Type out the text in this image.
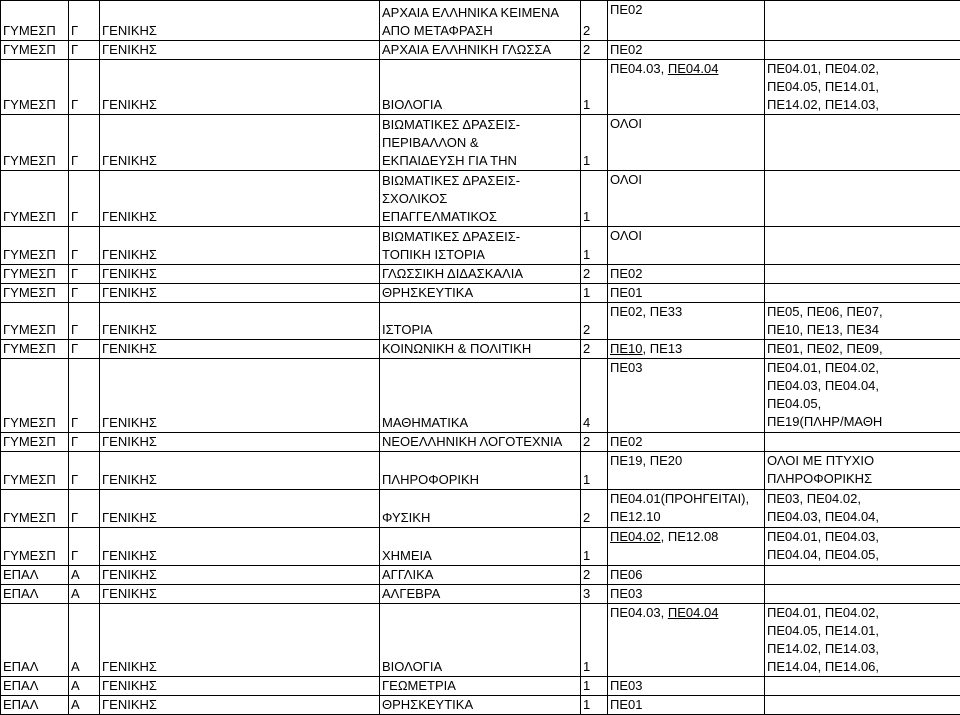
ΓΥΜΕΣΠ	Γ	ΓΕΝΙΚΗΣ	ΑΡΧΑΙΑ ΕΛΛΗΝΙΚΑ ΚΕΙΜΕΝΑ
ΑΠΟ ΜΕΤΑΦΡΑΣΗ	2	ΠΕ02	

ΓΥΜΕΣΠ	Γ	ΓΕΝΙΚΗΣ	ΑΡΧΑΙΑ ΕΛΛΗΝΙΚΗ ΓΛΩΣΣΑ	2	ΠΕ02	

ΓΥΜΕΣΠ	Γ	ΓΕΝΙΚΗΣ	ΒΙΟΛΟΓΙΑ	1	ΠΕ04.03, ΠΕ04.04	ΠΕ04.01, ΠΕ04.02,
ΠΕ04.05, ΠΕ14.01,
ΠΕ14.02, ΠΕ14.03,

ΓΥΜΕΣΠ	Γ	ΓΕΝΙΚΗΣ	ΒΙΩΜΑΤΙΚΕΣ ΔΡΑΣΕΙΣ-
ΠΕΡΙΒΑΛΛΟΝ &
ΕΚΠΑΙΔΕΥΣΗ ΓΙΑ ΤΗΝ	1	ΟΛΟΙ	

ΓΥΜΕΣΠ	Γ	ΓΕΝΙΚΗΣ	ΒΙΩΜΑΤΙΚΕΣ ΔΡΑΣΕΙΣ-
ΣΧΟΛΙΚΟΣ
ΕΠΑΓΓΕΛΜΑΤΙΚΟΣ	1	ΟΛΟΙ	

ΓΥΜΕΣΠ	Γ	ΓΕΝΙΚΗΣ	ΒΙΩΜΑΤΙΚΕΣ ΔΡΑΣΕΙΣ-
ΤΟΠΙΚΗ ΙΣΤΟΡΙΑ	1	ΟΛΟΙ	

ΓΥΜΕΣΠ	Γ	ΓΕΝΙΚΗΣ	ΓΛΩΣΣΙΚΗ ΔΙΔΑΣΚΑΛΙΑ	2	ΠΕ02	

ΓΥΜΕΣΠ	Γ	ΓΕΝΙΚΗΣ	ΘΡΗΣΚΕΥΤΙΚΑ	1	ΠΕ01	

ΓΥΜΕΣΠ	Γ	ΓΕΝΙΚΗΣ	ΙΣΤΟΡΙΑ	2	ΠΕ02, ΠΕ33	ΠΕ05, ΠΕ06, ΠΕ07,
ΠΕ10, ΠΕ13, ΠΕ34

ΓΥΜΕΣΠ	Γ	ΓΕΝΙΚΗΣ	ΚΟΙΝΩΝΙΚΗ & ΠΟΛΙΤΙΚΗ	2	ΠΕ10, ΠΕ13	ΠΕ01, ΠΕ02, ΠΕ09,

ΓΥΜΕΣΠ	Γ	ΓΕΝΙΚΗΣ	ΜΑΘΗΜΑΤΙΚΑ	4	ΠΕ03	ΠΕ04.01, ΠΕ04.02,
ΠΕ04.03, ΠΕ04.04,
ΠΕ04.05,
ΠΕ19(ΠΛΗΡ/ΜΑΘΗ

ΓΥΜΕΣΠ	Γ	ΓΕΝΙΚΗΣ	ΝΕΟΕΛΛΗΝΙΚΗ ΛΟΓΟΤΕΧΝΙΑ	2	ΠΕ02	

ΓΥΜΕΣΠ	Γ	ΓΕΝΙΚΗΣ	ΠΛΗΡΟΦΟΡΙΚΗ	1	ΠΕ19, ΠΕ20	ΟΛΟΙ ΜΕ ΠΤΥΧΙΟ
ΠΛΗΡΟΦΟΡΙΚΗΣ

ΓΥΜΕΣΠ	Γ	ΓΕΝΙΚΗΣ	ΦΥΣΙΚΗ	2	ΠΕ04.01(ΠΡΟΗΓΕΙΤΑΙ),
ΠΕ12.10	ΠΕ03, ΠΕ04.02,
ΠΕ04.03, ΠΕ04.04,

ΓΥΜΕΣΠ	Γ	ΓΕΝΙΚΗΣ	ΧΗΜΕΙΑ	1	ΠΕ04.02, ΠΕ12.08	ΠΕ04.01, ΠΕ04.03,
ΠΕ04.04, ΠΕ04.05,

ΕΠΑΛ	Α	ΓΕΝΙΚΗΣ	ΑΓΓΛΙΚΑ	2	ΠΕ06	

ΕΠΑΛ	Α	ΓΕΝΙΚΗΣ	ΑΛΓΕΒΡΑ	3	ΠΕ03	

ΕΠΑΛ	Α	ΓΕΝΙΚΗΣ	ΒΙΟΛΟΓΙΑ	1	ΠΕ04.03, ΠΕ04.04	ΠΕ04.01, ΠΕ04.02,
ΠΕ04.05, ΠΕ14.01,
ΠΕ14.02, ΠΕ14.03,
ΠΕ14.04, ΠΕ14.06,

ΕΠΑΛ	Α	ΓΕΝΙΚΗΣ	ΓΕΩΜΕΤΡΙΑ	1	ΠΕ03	

ΕΠΑΛ	Α	ΓΕΝΙΚΗΣ	ΘΡΗΣΚΕΥΤΙΚΑ	1	ΠΕ01	
